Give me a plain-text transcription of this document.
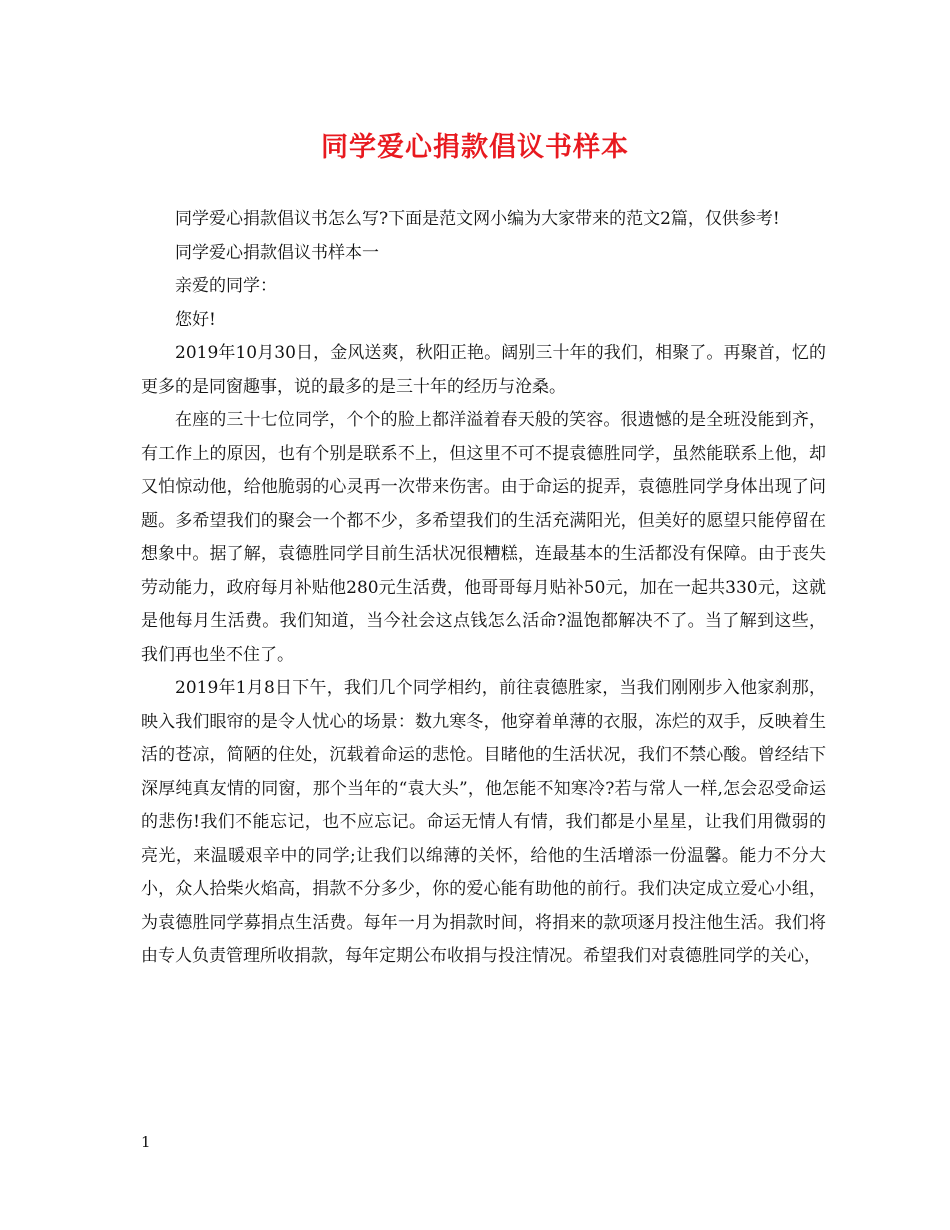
同学爱心捐款倡议书样本

同学爱心捐款倡议书怎么写?下面是范文网小编为大家带来的范文2篇，仅供参考!

同学爱心捐款倡议书样本一

亲爱的同学：

您好!

2019年10月30日，金风送爽，秋阳正艳。阔别三十年的我们，相聚了。再聚首，忆的更多的是同窗趣事，说的最多的是三十年的经历与沧桑。

在座的三十七位同学，个个的脸上都洋溢着春天般的笑容。很遗憾的是全班没能到齐，有工作上的原因，也有个别是联系不上，但这里不可不提袁德胜同学，虽然能联系上他，却又怕惊动他，给他脆弱的心灵再一次带来伤害。由于命运的捉弄，袁德胜同学身体出现了问题。多希望我们的聚会一个都不少，多希望我们的生活充满阳光，但美好的愿望只能停留在想象中。据了解，袁德胜同学目前生活状况很糟糕，连最基本的生活都没有保障。由于丧失劳动能力，政府每月补贴他280元生活费，他哥哥每月贴补50元，加在一起共330元，这就是他每月生活费。我们知道，当今社会这点钱怎么活命?温饱都解决不了。当了解到这些，我们再也坐不住了。

2019年1月8日下午，我们几个同学相约，前往袁德胜家，当我们刚刚步入他家刹那，映入我们眼帘的是令人忧心的场景：数九寒冬，他穿着单薄的衣服，冻烂的双手，反映着生活的苍凉，简陋的住处，沉载着命运的悲怆。目睹他的生活状况，我们不禁心酸。曾经结下深厚纯真友情的同窗，那个当年的“袁大头”，他怎能不知寒冷?若与常人一样,怎会忍受命运的悲伤!我们不能忘记，也不应忘记。命运无情人有情，我们都是小星星，让我们用微弱的亮光，来温暖艰辛中的同学;让我们以绵薄的关怀，给他的生活增添一份温馨。能力不分大小，众人拾柴火焰高，捐款不分多少，你的爱心能有助他的前行。我们决定成立爱心小组，为袁德胜同学募捐点生活费。每年一月为捐款时间，将捐来的款项逐月投注他生活。我们将由专人负责管理所收捐款，每年定期公布收捐与投注情况。希望我们对袁德胜同学的关心，

1
